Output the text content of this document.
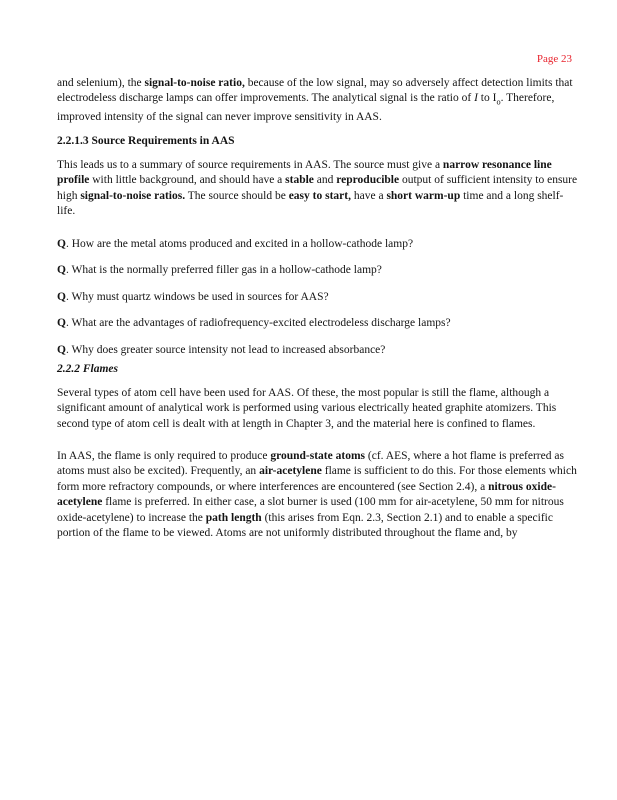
Page 23

and selenium), the signal-to-noise ratio, because of the low signal, may so adversely affect detection limits that electrodeless discharge lamps can offer improvements. The analytical signal is the ratio of I to $I_o$. Therefore, improved intensity of the signal can never improve sensitivity in AAS.

2.2.1.3 Source Requirements in AAS

This leads us to a summary of source requirements in AAS. The source must give a narrow resonance line profile with little background, and should have a stable and reproducible output of sufficient intensity to ensure high signal-to-noise ratios. The source should be easy to start, have a short warm-up time and a long shelf-life.

Q. How are the metal atoms produced and excited in a hollow-cathode lamp?

Q. What is the normally preferred filler gas in a hollow-cathode lamp?

Q. Why must quartz windows be used in sources for AAS?

Q. What are the advantages of radiofrequency-excited electrodeless discharge lamps?

Q. Why does greater source intensity not lead to increased absorbance?

2.2.2 Flames

Several types of atom cell have been used for AAS. Of these, the most popular is still the flame, although a significant amount of analytical work is performed using various electrically heated graphite atomizers. This second type of atom cell is dealt with at length in Chapter 3, and the material here is confined to flames.

In AAS, the flame is only required to produce ground-state atoms (cf. AES, where a hot flame is preferred as atoms must also be excited). Frequently, an air-acetylene flame is sufficient to do this. For those elements which form more refractory compounds, or where interferences are encountered (see Section 2.4), a nitrous oxide-acetylene flame is preferred. In either case, a slot burner is used (100 mm for air-acetylene, 50 mm for nitrous oxide-acetylene) to increase the path length (this arises from Eqn. 2.3, Section 2.1) and to enable a specific portion of the flame to be viewed. Atoms are not uniformly distributed throughout the flame and, by
